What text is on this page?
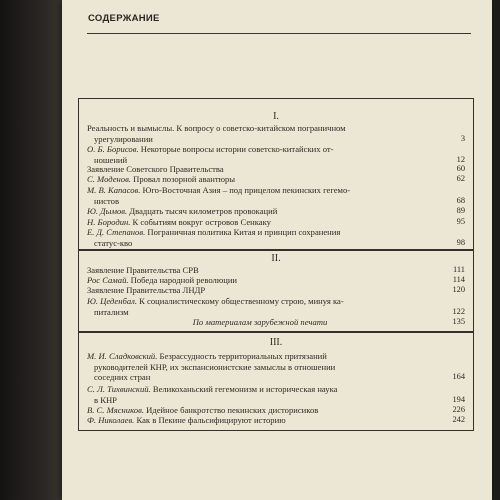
СОДЕРЖАНИЕ
I.
Реальность и вымыслы. К вопросу о советско-китайском пограничном
урегулировании	3
О. Б. Борисов. Некоторые вопросы истории советско-китайских от-
ношений	12
Заявление Советского Правительства	60
С. Моденов. Провал позорной авантюры	62
М. В. Капасов. Юго-Восточная Азия – под прицелом пекинских гегемо-
нистов	68
Ю. Дымов. Двадцать тысяч километров провокаций	89
Н. Бородин. К событиям вокруг островов Сенкаку	95
Е. Д. Степанов. Пограничная политика Китая и принцип сохранения
статус-кво	98
II.
Заявление Правительства СРВ	111
Рос Самай. Победа народной революции	114
Заявление Правительства ЛНДР	120
Ю. Цеденбал. К социалистическому общественному строю, минуя ка-
питализм	122
По материалам зарубежной печати	135
III.
М. И. Сладковский. Безрассудность территориальных притязаний
руководителей КНР, их экспансионистские замыслы в отношении
соседних стран	164
С. Л. Тихвинский. Великоханьский гегемонизм и историческая наука
в КНР	194
В. С. Мясников. Идейное банкротство пекинских дисторисиков	226
Ф. Николаев. Как в Пекине фальсифицируют историю	242
